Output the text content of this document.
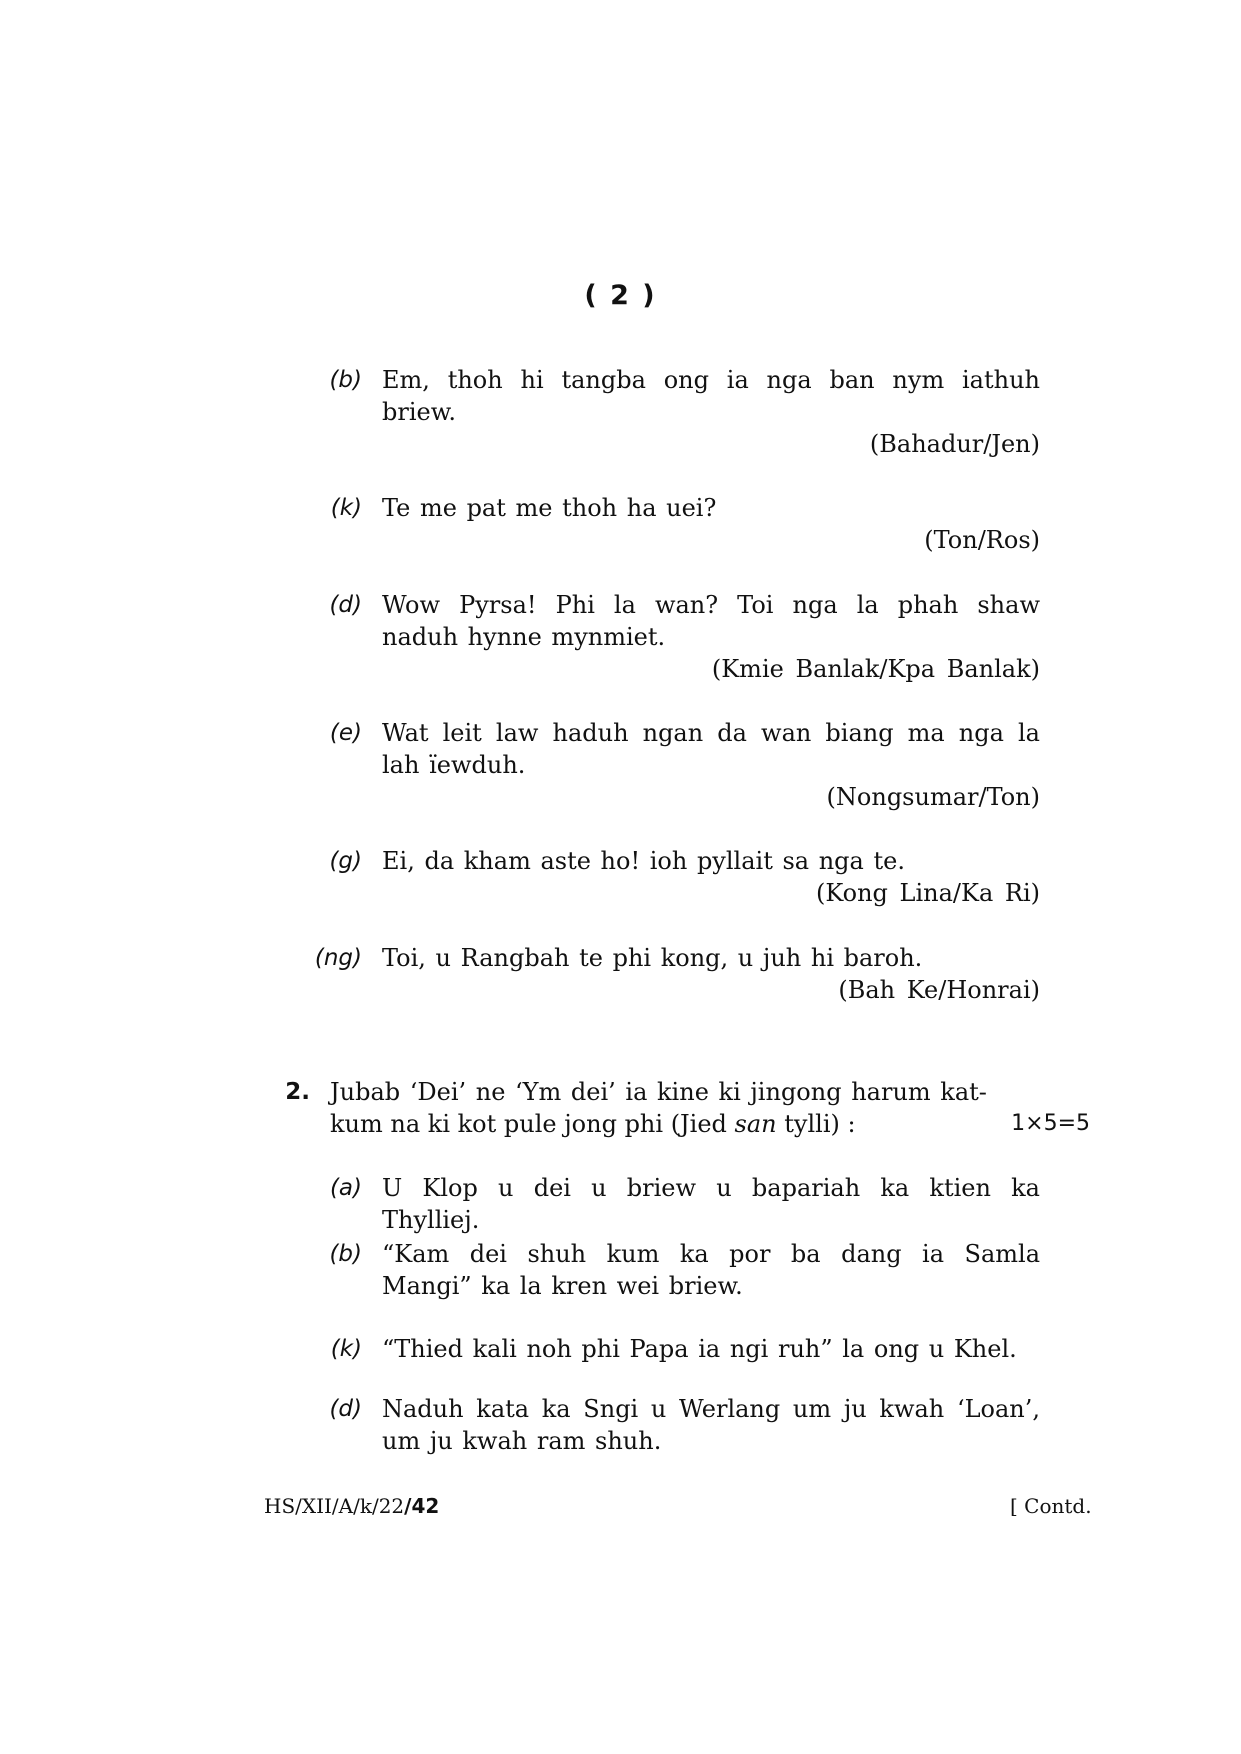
( 2 )
(b) Em, thoh hi tangba ong ia nga ban nym iathuh briew.
(Bahadur/Jen)
(k) Te me pat me thoh ha uei?
(Ton/Ros)
(d) Wow Pyrsa! Phi la wan? Toi nga la phah shaw naduh hynne mynmiet.
(Kmie Banlak/Kpa Banlak)
(e) Wat leit law haduh ngan da wan biang ma nga la lah ïewduh.
(Nongsumar/Ton)
(g) Ei, da kham aste ho! ioh pyllait sa nga te.
(Kong Lina/Ka Ri)
(ng) Toi, u Rangbah te phi kong, u juh hi baroh.
(Bah Ke/Honrai)
2. Jubab ‘Dei’ ne ‘Ym dei’ ia kine ki jingong harum kat-
kum na ki kot pule jong phi (Jied san tylli) :	1×5=5
(a) U Klop u dei u briew u bapariah ka ktien ka Thylliej.
(b) “Kam dei shuh kum ka por ba dang ia Samla Mangi” ka la kren wei briew.
(k) “Thied kali noh phi Papa ia ngi ruh” la ong u Khel.
(d) Naduh kata ka Sngi u Werlang um ju kwah ‘Loan’, um ju kwah ram shuh.
HS/XII/A/k/22/42	[ Contd.
